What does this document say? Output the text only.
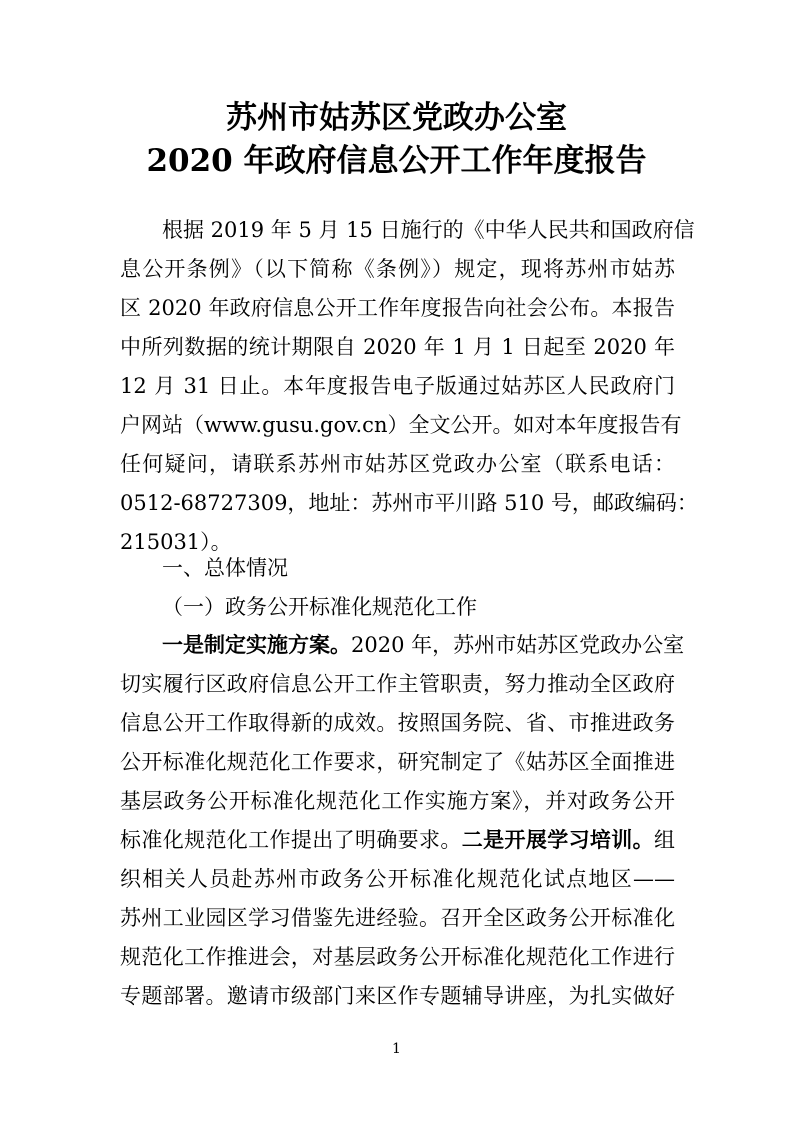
苏州市姑苏区党政办公室
2020 年政府信息公开工作年度报告
根据 2019 年 5 月 15 日施行的《中华人民共和国政府信
息公开条例》（以下简称《条例》）规定，现将苏州市姑苏
区 2020 年政府信息公开工作年度报告向社会公布。本报告
中所列数据的统计期限自 2020 年 1 月 1 日起至 2020 年
12 月 31 日止。本年度报告电子版通过姑苏区人民政府门
户网站（www.gusu.gov.cn）全文公开。如对本年度报告有
任何疑问，请联系苏州市姑苏区党政办公室（联系电话：
0512-68727309，地址：苏州市平川路 510 号，邮政编码：
215031）。
一、总体情况
（一）政务公开标准化规范化工作
一是制定实施方案。2020 年，苏州市姑苏区党政办公室
切实履行区政府信息公开工作主管职责，努力推动全区政府
信息公开工作取得新的成效。按照国务院、省、市推进政务
公开标准化规范化工作要求，研究制定了《姑苏区全面推进
基层政务公开标准化规范化工作实施方案》，并对政务公开
标准化规范化工作提出了明确要求。二是开展学习培训。组
织相关人员赴苏州市政务公开标准化规范化试点地区——
苏州工业园区学习借鉴先进经验。召开全区政务公开标准化
规范化工作推进会，对基层政务公开标准化规范化工作进行
专题部署。邀请市级部门来区作专题辅导讲座，为扎实做好
1
